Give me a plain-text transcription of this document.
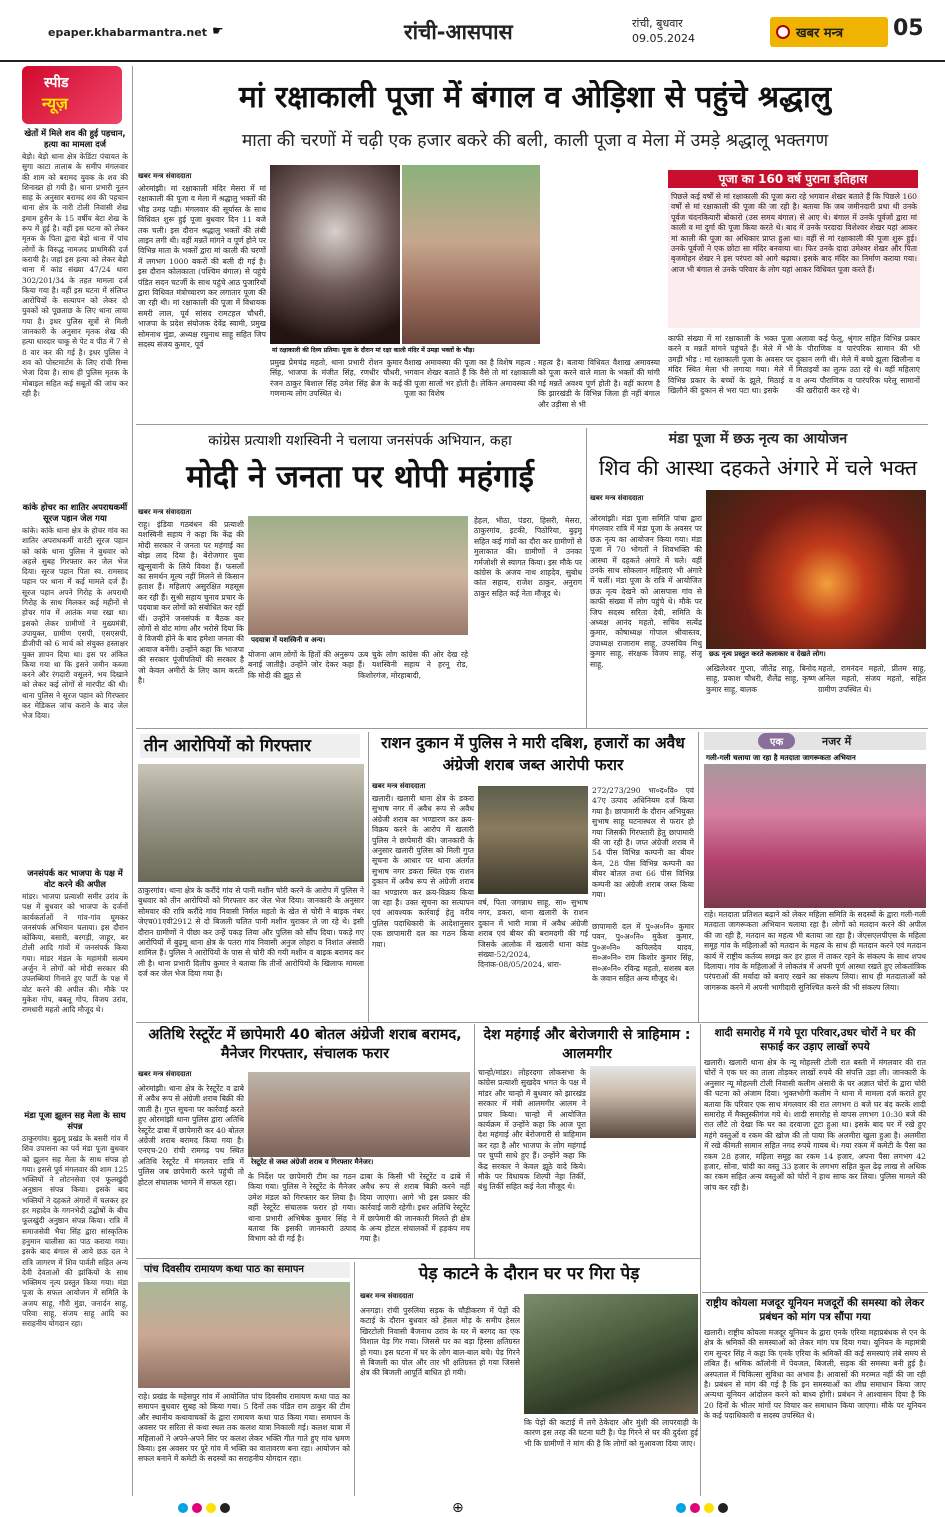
epaper.khabarmantra.net ☛	रांची-आसपास	रांची, बुधवार
09.05.2024	खबर मन्त्र 05
स्पीड
न्यूज़
खेतों में मिले शव की हुई पहचान, हत्या का मामला दर्ज
बेड़ो। बेड़ो थाना क्षेत्र केडिंटा पंचायत के सुगा काटा तालाब के समीप मंगलवार की शाम को बरामद युवक के शव की शिनाख्त हो गयी है। थाना प्रभारी नूतन साह के अनुसार बरामद शव की पहचान थाना क्षेत्र के नारी टोली निवासी शेख इमाम हुसैन के 15 वर्षीय बेटा शेख के रूप में हुई है। वहीं इस घटना को लेकर मृतक के पिता द्वारा बेड़ो थाना में पांच लोगों के विरुद्ध नामजद प्राथमिकी दर्ज करायी है। जहां इस हत्या को लेकर बेड़ो थाना में कांड संख्या 47/24 धारा 302/201/34 के तहत मामला दर्ज किया गया है। वहीं इस घटना में संलिप्त आरोपियों के सत्यापन को लेकर दो युवकों को पूछताछ के लिए थाना लाया गया है। इधर पुलिस सूत्रों से मिली जानकारी के अनुसार मृतक शेख की हत्या धारदार चाकू से पेट व पीठ में 7 से 8 वार कर की गई है। इधर पुलिस ने शव को पोस्टमार्टम के लिए रांची रिम्स भेजा दिया है। साथ ही पुलिस मृतक के मोबाइल सहित कई सबूतों की जांच कर रही है।
कांके होचर का शातिर अपराधकर्मी सूरज पहान जेल गया
कांके। कांके थाना क्षेत्र के होचर गांव का शातिर अपराधकर्मी वारंटी सूरज पहान को कांके थाना पुलिस ने बुधवार को अहले सुबह गिरफ्तार कर जेल भेज दिया। सूरज पहान पिता स्व. रामसाद पहान पर थाना में कई मामले दर्ज हैं। सूरज पहान अपने गिरोह के अपराधी गिरोह के साथ मिलकर कई महीनों से होचर गांव में आतंक मचा रखा था। इसको लेकर ग्रामीणों ने मुख्यमंत्री, उपायुक्त, ग्रामीण एसपी, एसएसपी, डीजीपी को 6 मार्च को संयुक्त हस्ताक्षर युक्त ज्ञापन दिया था। इस पर अंकित किया गया था कि इसने जमीन कब्जा करने और रंगदारी वसूलने, भय दिखाने को लेकर कई लोगों से मारपीट की थी। थाना पुलिस ने सूरज पहान को गिरफ्तार कर मेडिकल जांच कराने के बाद जेल भेज दिया।
जनसंपर्क कर भाजपा के पक्ष में वोट करने की अपील
मांडर। भाजपा प्रत्याशी समीर उरांव के पक्ष में बुधवार को भाजपा के दर्जनों कार्यकर्ताओं ने गांव-गांव घूमकर जनसंपर्क अभियान चलाया। इस दौरान कोंकिया, बसारी, बरगड़ी, जाहूर, बर टोली आदि गांवों में जनसंपर्क किया गया। मांडर मंडल के महामंत्री सत्यम अर्जुन ने लोगों को मोदी सरकार की उपलब्धियां गिनाते हुए पार्टी के पक्ष में वोट करने की अपील की। मौके पर मुकेश गोप, बबलू गोप, विजय उरांव, रामधारी महतो आदि मौजूद थे।
मंडा पूजा झूलन सह मेला के साथ संपन्न
ठाकुरगांव। बुढ़मू प्रखंड के बसरी गांव में शिव उपासना का पर्व मंडा पूजा बुधवार को झूलन सह मेला के साथ संपन्न हो गया। इससे पूर्व मंगलवार की शाम 125 भक्तियों ने लोटनसेवा एवं फूलखुंदी अनुष्ठान संपन्न किया। इसके बाद भक्तियों ने दहकते अंगारों में चलकर हर हर महादेव के गगनभेदी उद्घोषों के बीच फूलखुंदी अनुष्ठान संपन्न किया। रात्रि में समाजसेवी भैया सिंह द्वारा सांस्कृतिक हनुमान चालीसा का पाठ कराया गया। इसके बाद बंगाल से आये छऊ दल ने रात्रि जागरण में शिव पार्वती सहित अन्य देवी देवताओं की झांकियों के साथ भक्तिमय नृत्य प्रस्तुत किया गया। मंडा पूजा के सफल आयोजन में समिति के अजय साहू, गौरी मुंडा, जनार्दन साहू, परिवा साहू, संजय साहू आदि का सराहनीय योगदान रहा।
मां रक्षाकाली पूजा में बंगाल व ओड़िशा से पहुंचे श्रद्धालु
माता की चरणों में चढ़ी एक हजार बकरे की बली, काली पूजा व मेला में उमड़े श्रद्धालू भक्तगण
खबर मन्त्र संवाददाता
ओरमांझी। मां रक्षाकाली मंदिर मेसरा में मां रक्षाकाली की पूजा व मेला में श्रद्धालु भक्तों की भीड़ उमड़ पड़ी। मंगलवार की सूर्यास्त के साथ विधिवत शुरू हुई पूजा बुधवार दिन 11 बजे तक चली। इस दौरान श्रद्धालु भक्तों की लंबी लाइन लगी थी। वहीं मन्नतें मांगने व पूर्ण होने पर विभिन्न माता के भक्तों द्वारा मां काली की चरणों में लगभग 1000 बकरों की बली दी गई है। इस दौरान कोलकाता (पश्चिम बंगाल) से पहुंचे पंडित सदन चटर्जी के साथ पहुंचे आठ पुजारियों द्वारा विधिवत मंत्रोच्चारण कर लगातार पूजा की जा रही थी। मां रक्षाकाली की पूजा में विधायक समरी लाल, पूर्व सांसद रामटहल चौधरी, भाजपा के प्रदेश संयोजक देवेंद्र स्वामी, प्रमुख सोमनाथ मुंडा, अध्यक्ष रघुनाथ साहू सहित जिप सदस्य संजय कुमार, पूर्व
मां रक्षाकाली की दिव्य प्रतिमा। पूजा के दौरान मां रक्षा काली मंदिर में उमड़ा भक्तों के भीड़।
प्रमुख प्रेमचंद्र महतो, थाना प्रभारी रोशन कुमार सिंह, भाजपा के मंजीत सिंह, रणधीर चौधरी, रंजन ठाकुर बिशाल सिंह उमेश सिंह ब्रेज के कई गणमान्य लोग उपस्थित थे।
वैशाख अमावस्या की पूजा का है विशेष महत्व : भगवान शेखर बताते हैं कि वैसे तो मां रक्षाकाली की पूजा सालों भर होती है। लेकिन अमावस्या की पूजा का विशेष
महत्व है। बताया विधिवत वैशाख अमावस्या को पूजा करने वाले माता के भक्तों की मांगी गई मन्नतें अवश्य पूर्ण होती है। वहीं कारण है कि झारखंडी के विभिन्न जिला ही नहीं बंगाल और उड़ीसा से भी
पूजा का 160 वर्ष पुराना इतिहास
पिछले कई वर्षों से मां रक्षाकाली की पूजा करा रहे भगवान शेखर बताते हैं कि पिछले 160 वर्षों से मां रक्षाकाली की पूजा की जा रही है। बताया कि जब जमीनदारी प्रथा थी उनके पूर्वज चंदनकियारी बोकारो (उस समय बंगाल) से आए थे। बंगाल में उनके पूर्वजों द्वारा मां काली व मां दुर्गा की पूजा किया करते थे। बाद में उनके परदादा विशेश्वर शेखर यहां आकर मां काली की पूजा का अधिकार प्राप्त हुआ था। वहीं से मां रक्षाकाली की पूजा शुरू हुई। उनके पूर्वजों ने एक छोटा सा मंदिर बनवाया था। फिर उनके दादा उमेश्वर शेखर और पिता बृजमोहन शेखर ने इस परंपरा को आगे बढ़ाया। इसके बाद मंदिर का निर्माण कराया गया। आज भी बंगाल से उनके परिवार के लोग यहां आकर विधिवत पूजा करते हैं।
काफी संख्या में मां रक्षाकाली के भक्त पूजा करने व मन्नतें मांगने पहुंचते हैं। मेले में भी उमड़ी भीड़ : मां रक्षाकाली पूजा के अवसर पर मंदिर स्थित मेला भी लगाया गया। मेले में विभिन्न प्रकार के बच्चों के झूले, मिठाई व खिलौने की दुकान से भरा पटा था। इसके
अलावा कई फेलू, श्रृंगार सहित विभिन्न प्रकार के पौराणिक व पारंपरिक सामान की भी दुकान लगी थी। मेले में बच्चे झूला खिलौना व मिठाइयों का लुत्फ उठा रहे थे। वहीं महिलाएं व अन्य पौराणिक व पारंपरिक घरेलू सामानों की खरीदारी कर रहे थे।
कांग्रेस प्रत्याशी यशस्विनी ने चलाया जनसंपर्क अभियान, कहा
मोदी ने जनता पर थोपी महंगाई
खबर मन्त्र संवाददाता
राहू। इंडिया गठबंधन की प्रत्याशी यशस्विनी सहाय ने कहा कि केंद्र की मोदी सरकार ने जनता पर महंगाई का बोझ लाद दिया है। बेरोजगार युवा खून्सुवानी के लिये विवश हैं। फसलों का समर्थन मूल्य नहीं मिलने से किसान हताश हैं। महिलाएं असुरक्षित महसूस कर रही हैं। सुश्री सहाय चुनाव प्रचार के पदयात्रा कर लोगों को संबोधित कर रहीं थीं। उन्होंने जनसंपर्क व बैठक कर लोगों से वोट मांगा और भरोसे दिया कि वे विजयी होने के बाद हमेशा जनता की आवाज बनेंगी। उन्होंने कहा कि भाजपा की सरकार पूंजीपतियों की सरकार है जो केवल अमीरों के लिए काम करती है।
पदयात्रा में यशस्विनी व अन्य।
योजना आम लोगों के हितों की अनुरूप बनाई जातीहै। उन्होंने जोर देकर कहा कि मोदी की झूठ से
ऊब चुके लोग कांग्रेस की ओर देख रहे हैं। यशस्विनी सहाय ने हरनू रोड, किशोरगंज, मोरहाबादी,
हेहल, भीठा, पंडरा, हिसरी, मेसरा, ठाकुरगांव, इटकी, पिठोरिया, बुढ़मू सहित कई गांवों का दौरा कर ग्रामीणों से मुलाकात की। ग्रामीणों ने उनका गर्मजोशी से स्वागत किया। इस मौके पर कांग्रेस के अजय नाथ शाहदेव, सुबोध कांत सहाय, राजेश ठाकुर, अनुराग ठाकुर सहित कई नेता मौजूद थे।
मंडा पूजा में छऊ नृत्य का आयोजन
शिव की आस्था दहकते अंगारे में चले भक्त
खबर मन्त्र संवाददाता
ओरमांझी। मंडा पूजा समिति पांचा द्वारा मंगलवार रात्रि में मंडा पूजा के अवसर पर छऊ नृत्य का आयोजन किया गया। मंडा पूजा में 70 भोगतों ने शिवभक्ति की आस्था में दहकते अंगारे में चले। वहीं उनके साथ सोकलान महिलाएं भी अंगारे में चलीं। मंडा पूजा के रात्रि में आयोजित छऊ नृत्य देखने को आसपास गांव से काफी संख्या में लोग पहुंचे थे। मौके पर जिप सदस्य सरिता देवी, समिति के अध्यक्ष आनंद महतो, सचिव सत्येंद्र कुमार, कोषाध्यक्ष गोपाल श्रीवास्तव, उपाध्यक्ष राजाराम साहू, उपसचिव मिथु कुमार साहू, संरक्षक विजय साहू, संजू साहू,
छऊ नृत्य प्रस्तुत करते कलाकार व देखते लोग।
अखिलेश्वर गुप्ता, जीतेंद्र साहू, बिनोद साहू, प्रकाश चौधरी, शैलेंद्र साहू, कृष्ण कुमार साहू, बालक
महतो, रामनंदन महतो, प्रीतम साहू, अनिल महतो, संजय महतो, सहित ग्रामीण उपस्थित थे।
तीन आरोपियों को गिरफ्तार
ठाकुरगांव। थाना क्षेत्र के करौंदे गांव से पानी मशीन चोरी करने के आरोप में पुलिस ने बुधवार को तीन आरोपियों को गिरफ्तार कर जेल भेज दिया। जानकारी के अनुसार सोमवार की रात्रि करौंदे गांव निवासी निर्मल महतो के खेत से चोरी ने बाइक नंबर जेएच01एवी2912 से दो बिजली चलित पानी मशीन चुराकर ले जा रहे थे। इसी दौरान ग्रामीणों ने पीछा कर उन्हें पकड़ लिया और पुलिस को सौंप दिया। पकड़े गए आरोपियों में बुढ़मू थाना क्षेत्र के पतरा गांव निवासी अनुज लोहरा व निशांत अंसारी शामिल हैं। पुलिस ने आरोपियों के पास से चोरी की गयी मशीन व बाइक बरामद कर ली है। थाना प्रभारी दिलीप कुमार ने बताया कि तीनों आरोपियों के खिलाफ मामला दर्ज कर जेल भेज दिया गया है।
राशन दुकान में पुलिस ने मारी दबिश, हजारों का अवैध अंग्रेजी शराब जब्त आरोपी फरार
खबर मन्त्र संवाददाता
खलारी। खलारी थाना क्षेत्र के डकरा सुभाष नगर में अवैध रूप से अवैध अंग्रेजी शराब का भण्डारण कर क्रय-विक्रय करने के आरोप में खलारी पुलिस ने छापेमारी की। जानकारी के अनुसार खलारी पुलिस को मिली गुप्त सूचना के आधार पर थाना अंतर्गत सुभाष नगर डकरा स्थित एक राशन दुकान में अवैध रूप से अंग्रेजी शराब का भण्डारण कर क्रय-विक्रय किया जा रहा है। उक्त सूचना का सत्यापन एवं आवश्यक कार्रवाई हेतु वरीय पुलिस पदाधिकारी के आदेशानुसार एक छापामारी दल का गठन किया गया।
वर्ष, पिता जगन्नाथ साहू, सा० सुभाष नगर, डकरा, थाना खलारी के राशन दुकान में भारी मात्रा में अवैध अंग्रेजी शराब एवं बीयर की बरामदगी की गई जिसके आलोक में खलारी थाना कांड संख्या-52/2024, दिनांक-08/05/2024, धारा-
272/273/290 भा०द०वि० एवं 47ए उत्पाद अधिनियम दर्ज किया गया है। छापामारी के दौरान अभियुक्त सुभाष साहू घटनास्थल से फरार हो गया जिसकी गिरफ्तारी हेतु छापामारी की जा रही है। जप्त अंग्रेजी शराब में 54 पीस विभिन्न कम्पनी का बीयर केन, 28 पीस विभिन्न कम्पनी का बीयर बोतल तथा 66 पीस विभिन्न कम्पनी का अंग्रेजी शराब जब्त किया गया।
छापामारी दल में पु०अ०नि० कुमार पवन, पु०अ०नि० मुकेश कुमार, पु०अ०नि० कपिलदेव यादव, स०अ०नि० राम किशोर कुमार सिंह, स०अ०नि० रविन्द्र महतो, सशस्त्र बल के जवान सहित अन्य मौजूद थे।
एक	नजर में
गली-गली चलाया जा रहा है मतदाता जागरूकता अभियान
राहे। मतदाता प्रतिशत बढ़ाने को लेकर महिला समिति के सदस्यों के द्वारा गली-गली मतदाता जागरूकता अभियान चलाया रहा है। लोगों को मतदान करने की अपील की जा रही है, मतदान का महत्व भी बताया जा रहा है। जेएसएलपीएस के महिला समूह गांव के महिलाओं को मतदान के महत्व के साथ ही मतदान करने एवं मतदान कार्य में राष्ट्रीय कर्तव्य समझ कर हर हाल में ताकर रहने के संकल्प के साथ शपथ दिलाया। गांव के महिलाओं ने लोकतंत्र में अपनी पूर्ण आस्था रखते हुए लोकतांत्रिक परंपराओं की मर्यादा को बनाए रखने का संकल्प लिया। साथ ही मतदाताओं को जागरूक करने में अपनी भागीदारी सुनिश्चित करने की भी संकल्प लिया।
शादी समारोह में गये पूरा परिवार,उधर चोरों ने घर की सफाई कर उड़ाए लाखों रुपये
खलारी। खलारी थाना क्षेत्र के न्यू मोहल्ली टोली रात बस्ती में मंगलवार की रात चोरों ने एक घर का ताला तोड़कर लाखों रुपये की संपत्ति उड़ा ली। जानकारी के अनुसार न्यू मोहल्ली टोली निवासी कलीम अंसारी के घर अज्ञात चोरों के द्वारा चोरी की घटना को अंजाम दिया। भुक्तभोगी कलीम ने थाना में मामला दर्ज कराते हुए बताया कि परिवार एक साथ मंगलवार की रात लगभग 8 बजे घर बंद करके शादी समारोह में मैक्लुस्कीगंज गये थे। शादी समारोह से वापस लगभग 10:30 बजे की रात लौटे तो देखा कि घर का दरवाजा टूटा हुआ था। इसके बाद घर में रखे हुए महंगे वस्तुओं व रकम की खोज की तो पाया कि अलमीरा खुला हुआ है। अलमीरा में रखे कीमती सामान सहित नगद रुपये गायब थे। गया रकम में कमेटी के पैसा का रकम 28 हजार, महिला समूह का रकम 14 हजार, अपना पैसा लगभग 42 हजार, सोना, चांदी का वस्तु 33 हजार के लगभग सहित कुल ढेढ़ लाख से अधिक का रकम सहित अन्य वस्तुओं को चोरों ने हाथ साफ कर लिया। पुलिस मामले की जांच कर रही है।
अतिथि रेस्टूरेंट में छापेमारी 40 बोतल अंग्रेजी शराब बरामद, मैनेजर गिरफ्तार, संचालक फरार
खबर मन्त्र संवाददाता
ओरमांझी। थाना क्षेत्र के रेस्टूरेंट व ढाबे में अवैध रूप से अंग्रेजी शराब बिक्री की जाती है। गुप्त सूचना पर कार्रवाई करते हुए ओरमांझी थाना पुलिस द्वारा अतिथि रेस्टूरेंट ढाबा में छापेमारी कर 40 बोतल अंग्रेजी शराब बरामद किया गया है। एनएच-20 रांची रामगढ़ पथ स्थित अतिथि रेस्टूरेंट में मंगलवार रात्रि में पुलिस जब छापेमारी करने पहुंची तो होटल संचालक भागने में सफल रहा।
रेस्टूरेंट से जब्त अंग्रेजी शराब व गिरफ्तार मैनेजर।
के निर्देश पर छापेमारी टीम का गठन किया गया। पुलिस ने रेस्टूरेंट के मैनेजर उमेश मंडल को गिरफ्तार कर लिया है। वहीं रेस्टूरेंट संचालक फरार हो गया। थाना प्रभारी अभिषेक कुमार सिंह ने बताया कि इसकी जानकारी उत्पाद विभाग को दी गई है।
ढाबा के किसी भी रेस्टूरेंट व ढाबे में अवैध रूप से शराब बिक्री करने नहीं दिया जाएगा। आगे भी इस प्रकार की कार्रवाई जारी रहेगी। इधर अतिथि रेस्टूरेंट में छापेमारी की जानकारी मिलते ही क्षेत्र के अन्य होटल संचालकों में हड़कंप मच गया है।
देश महंगाई और बेरोजगारी से त्राहिमाम : आलमगीर
चान्हो/मांडर। लोहरदगा लोकसभा के कांग्रेस प्रत्याशी सुखदेव भगत के पक्ष में मांडर और चान्हो में बुधवार को झारखंड सरकार में मंत्री आलमगीर आलम ने प्रचार किया। चान्हो में आयोजित कार्यक्रम में उन्होंने कहा कि आज पूरा देश महंगाई और बेरोजगारी से त्राहिमाम कर रहा है और भाजपा के लोग महंगाई पर चुप्पी साधे हुए हैं। उन्होंने कहा कि केंद्र सरकार ने केवल झूठे वादे किये। मौके पर विधायक शिल्पी नेहा तिर्की, बंधु तिर्की सहित कई नेता मौजूद थे।
पांच दिवसीय रामायण कथा पाठ का समापन
राहे। प्रखंड के महेसपुर गांव में आयोजित पांच दिवसीय रामायण कथा पाठ का समापन बुधवार सुबह को किया गया। 5 दिनों तक पंडित राम ठाकुर की टीम और स्थानीय कथावाचकों के द्वारा रामायण कथा पाठ किया गया। समापन के अवसर पर सरिता से कथा स्थल तक कलश यात्रा निकाली गई। कलश यात्रा में महिलाओं ने अपने-अपने सिर पर कलश लेकर भक्ति गीत गाते हुए गांव भ्रमण किया। इस अवसर पर पूरे गांव में भक्ति का वातावरण बना रहा। आयोजन को सफल बनाने में कमेटी के सदस्यों का सराहनीय योगदान रहा।
पेड़ काटने के दौरान घर पर गिरा पेड़
खबर मन्त्र संवाददाता
अनगड़ा। रांची पुरुलिया सड़क के चौड़ीकरण में पेड़ों की कटाई के दौरान बुधवार को हेसल मोड़ के समीप हेसल खिरटोली निवासी बैजनाथ उरांव के घर में बरगद का एक विशाल पेड़ गिर गया। जिससे घर का बड़ा हिस्सा क्षतिग्रस्त हो गया। इस घटना में घर के लोग बाल-बाल बचे। पेड़ गिरने से बिजली का पोल और तार भी क्षतिग्रस्त हो गया जिससे क्षेत्र की बिजली आपूर्ति बाधित हो गयी।
कि पेड़ों की कटाई में लगे ठेकेदार और मुंशी की लापरवाही के कारण इस तरह की घटना घटी है। पेड़ गिरने से घर की दुर्दशा हुई भी कि ग्रामीणों ने मांग की है कि लोगों को मुआवजा दिया जाए।
राष्ट्रीय कोयला मजदूर यूनियन मजदूरों की समस्या को लेकर प्रबंधन को मांग पत्र सौंपा गया
खलारी। राष्ट्रीय कोयला मजदूर यूनियन के द्वारा एनके एरिया महाप्रबंधक से एन के क्षेत्र के श्रमिकों की समस्याओं को लेकर मांग पत्र दिया गया। यूनियन के महामंत्री राम सुन्दर सिंह ने कहा कि एनके एरिया के श्रमिकों की कई समस्याएं लंबे समय से लंबित हैं। श्रमिक कॉलोनी में पेयजल, बिजली, सड़क की समस्या बनी हुई है। अस्पताल में चिकित्सा सुविधा का अभाव है। आवासों की मरम्मत नहीं की जा रही है। प्रबंधन से मांग की गई है कि इन समस्याओं का शीघ्र समाधान किया जाए अन्यथा यूनियन आंदोलन करने को बाध्य होगी। प्रबंधन ने आश्वासन दिया है कि 20 दिनों के भीतर मांगों पर विचार कर समाधान किया जाएगा। मौके पर यूनियन के कई पदाधिकारी व सदस्य उपस्थित थे।
⊕
